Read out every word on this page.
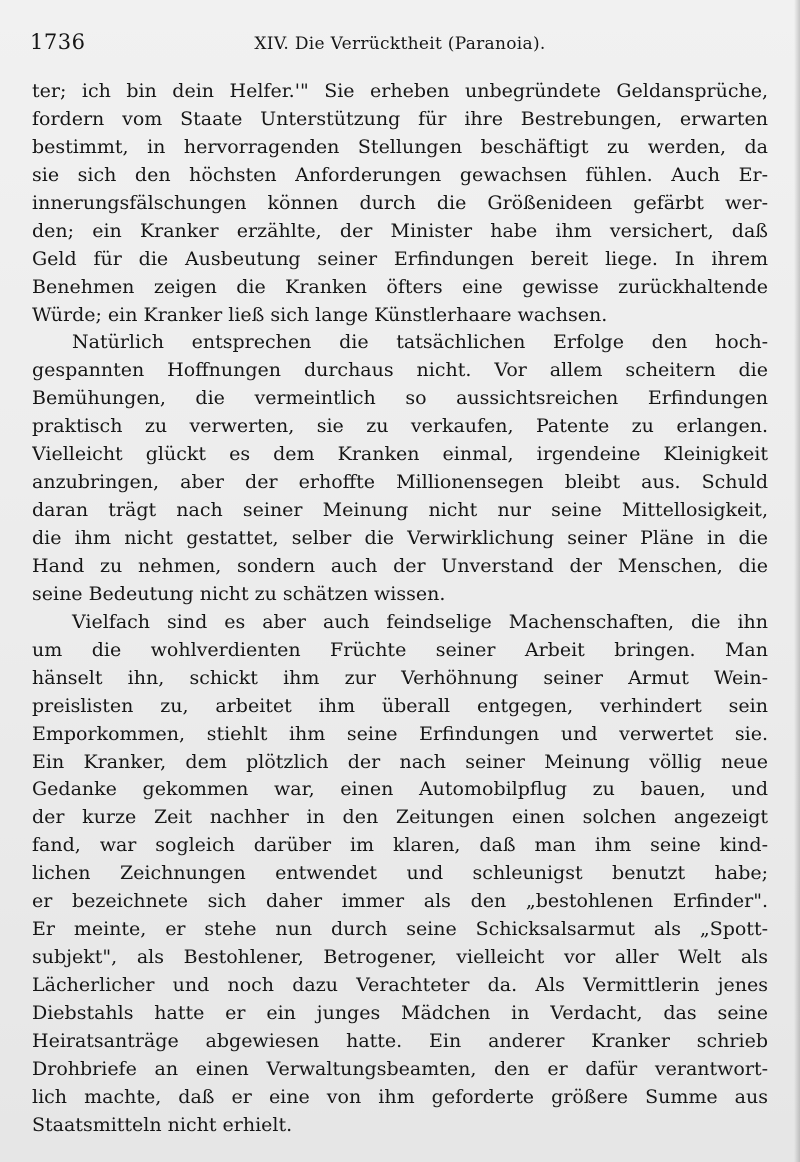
1736	XIV. Die Verrücktheit (Paranoia).
ter; ich bin dein Helfer.'" Sie erheben unbegründete Geldansprüche,
fordern vom Staate Unterstützung für ihre Bestrebungen, erwarten
bestimmt, in hervorragenden Stellungen beschäftigt zu werden, da
sie sich den höchsten Anforderungen gewachsen fühlen. Auch Er-
innerungsfälschungen können durch die Größenideen gefärbt wer-
den; ein Kranker erzählte, der Minister habe ihm versichert, daß
Geld für die Ausbeutung seiner Erfindungen bereit liege. In ihrem
Benehmen zeigen die Kranken öfters eine gewisse zurückhaltende
Würde; ein Kranker ließ sich lange Künstlerhaare wachsen.
Natürlich entsprechen die tatsächlichen Erfolge den hoch-
gespannten Hoffnungen durchaus nicht. Vor allem scheitern die
Bemühungen, die vermeintlich so aussichtsreichen Erfindungen
praktisch zu verwerten, sie zu verkaufen, Patente zu erlangen.
Vielleicht glückt es dem Kranken einmal, irgendeine Kleinigkeit
anzubringen, aber der erhoffte Millionensegen bleibt aus. Schuld
daran trägt nach seiner Meinung nicht nur seine Mittellosigkeit,
die ihm nicht gestattet, selber die Verwirklichung seiner Pläne in die
Hand zu nehmen, sondern auch der Unverstand der Menschen, die
seine Bedeutung nicht zu schätzen wissen.
Vielfach sind es aber auch feindselige Machenschaften, die ihn
um die wohlverdienten Früchte seiner Arbeit bringen. Man
hänselt ihn, schickt ihm zur Verhöhnung seiner Armut Wein-
preislisten zu, arbeitet ihm überall entgegen, verhindert sein
Emporkommen, stiehlt ihm seine Erfindungen und verwertet sie.
Ein Kranker, dem plötzlich der nach seiner Meinung völlig neue
Gedanke gekommen war, einen Automobilpflug zu bauen, und
der kurze Zeit nachher in den Zeitungen einen solchen angezeigt
fand, war sogleich darüber im klaren, daß man ihm seine kind-
lichen Zeichnungen entwendet und schleunigst benutzt habe;
er bezeichnete sich daher immer als den „bestohlenen Erfinder".
Er meinte, er stehe nun durch seine Schicksalsarmut als „Spott-
subjekt", als Bestohlener, Betrogener, vielleicht vor aller Welt als
Lächerlicher und noch dazu Verachteter da. Als Vermittlerin jenes
Diebstahls hatte er ein junges Mädchen in Verdacht, das seine
Heiratsanträge abgewiesen hatte. Ein anderer Kranker schrieb
Drohbriefe an einen Verwaltungsbeamten, den er dafür verantwort-
lich machte, daß er eine von ihm geforderte größere Summe aus
Staatsmitteln nicht erhielt.
